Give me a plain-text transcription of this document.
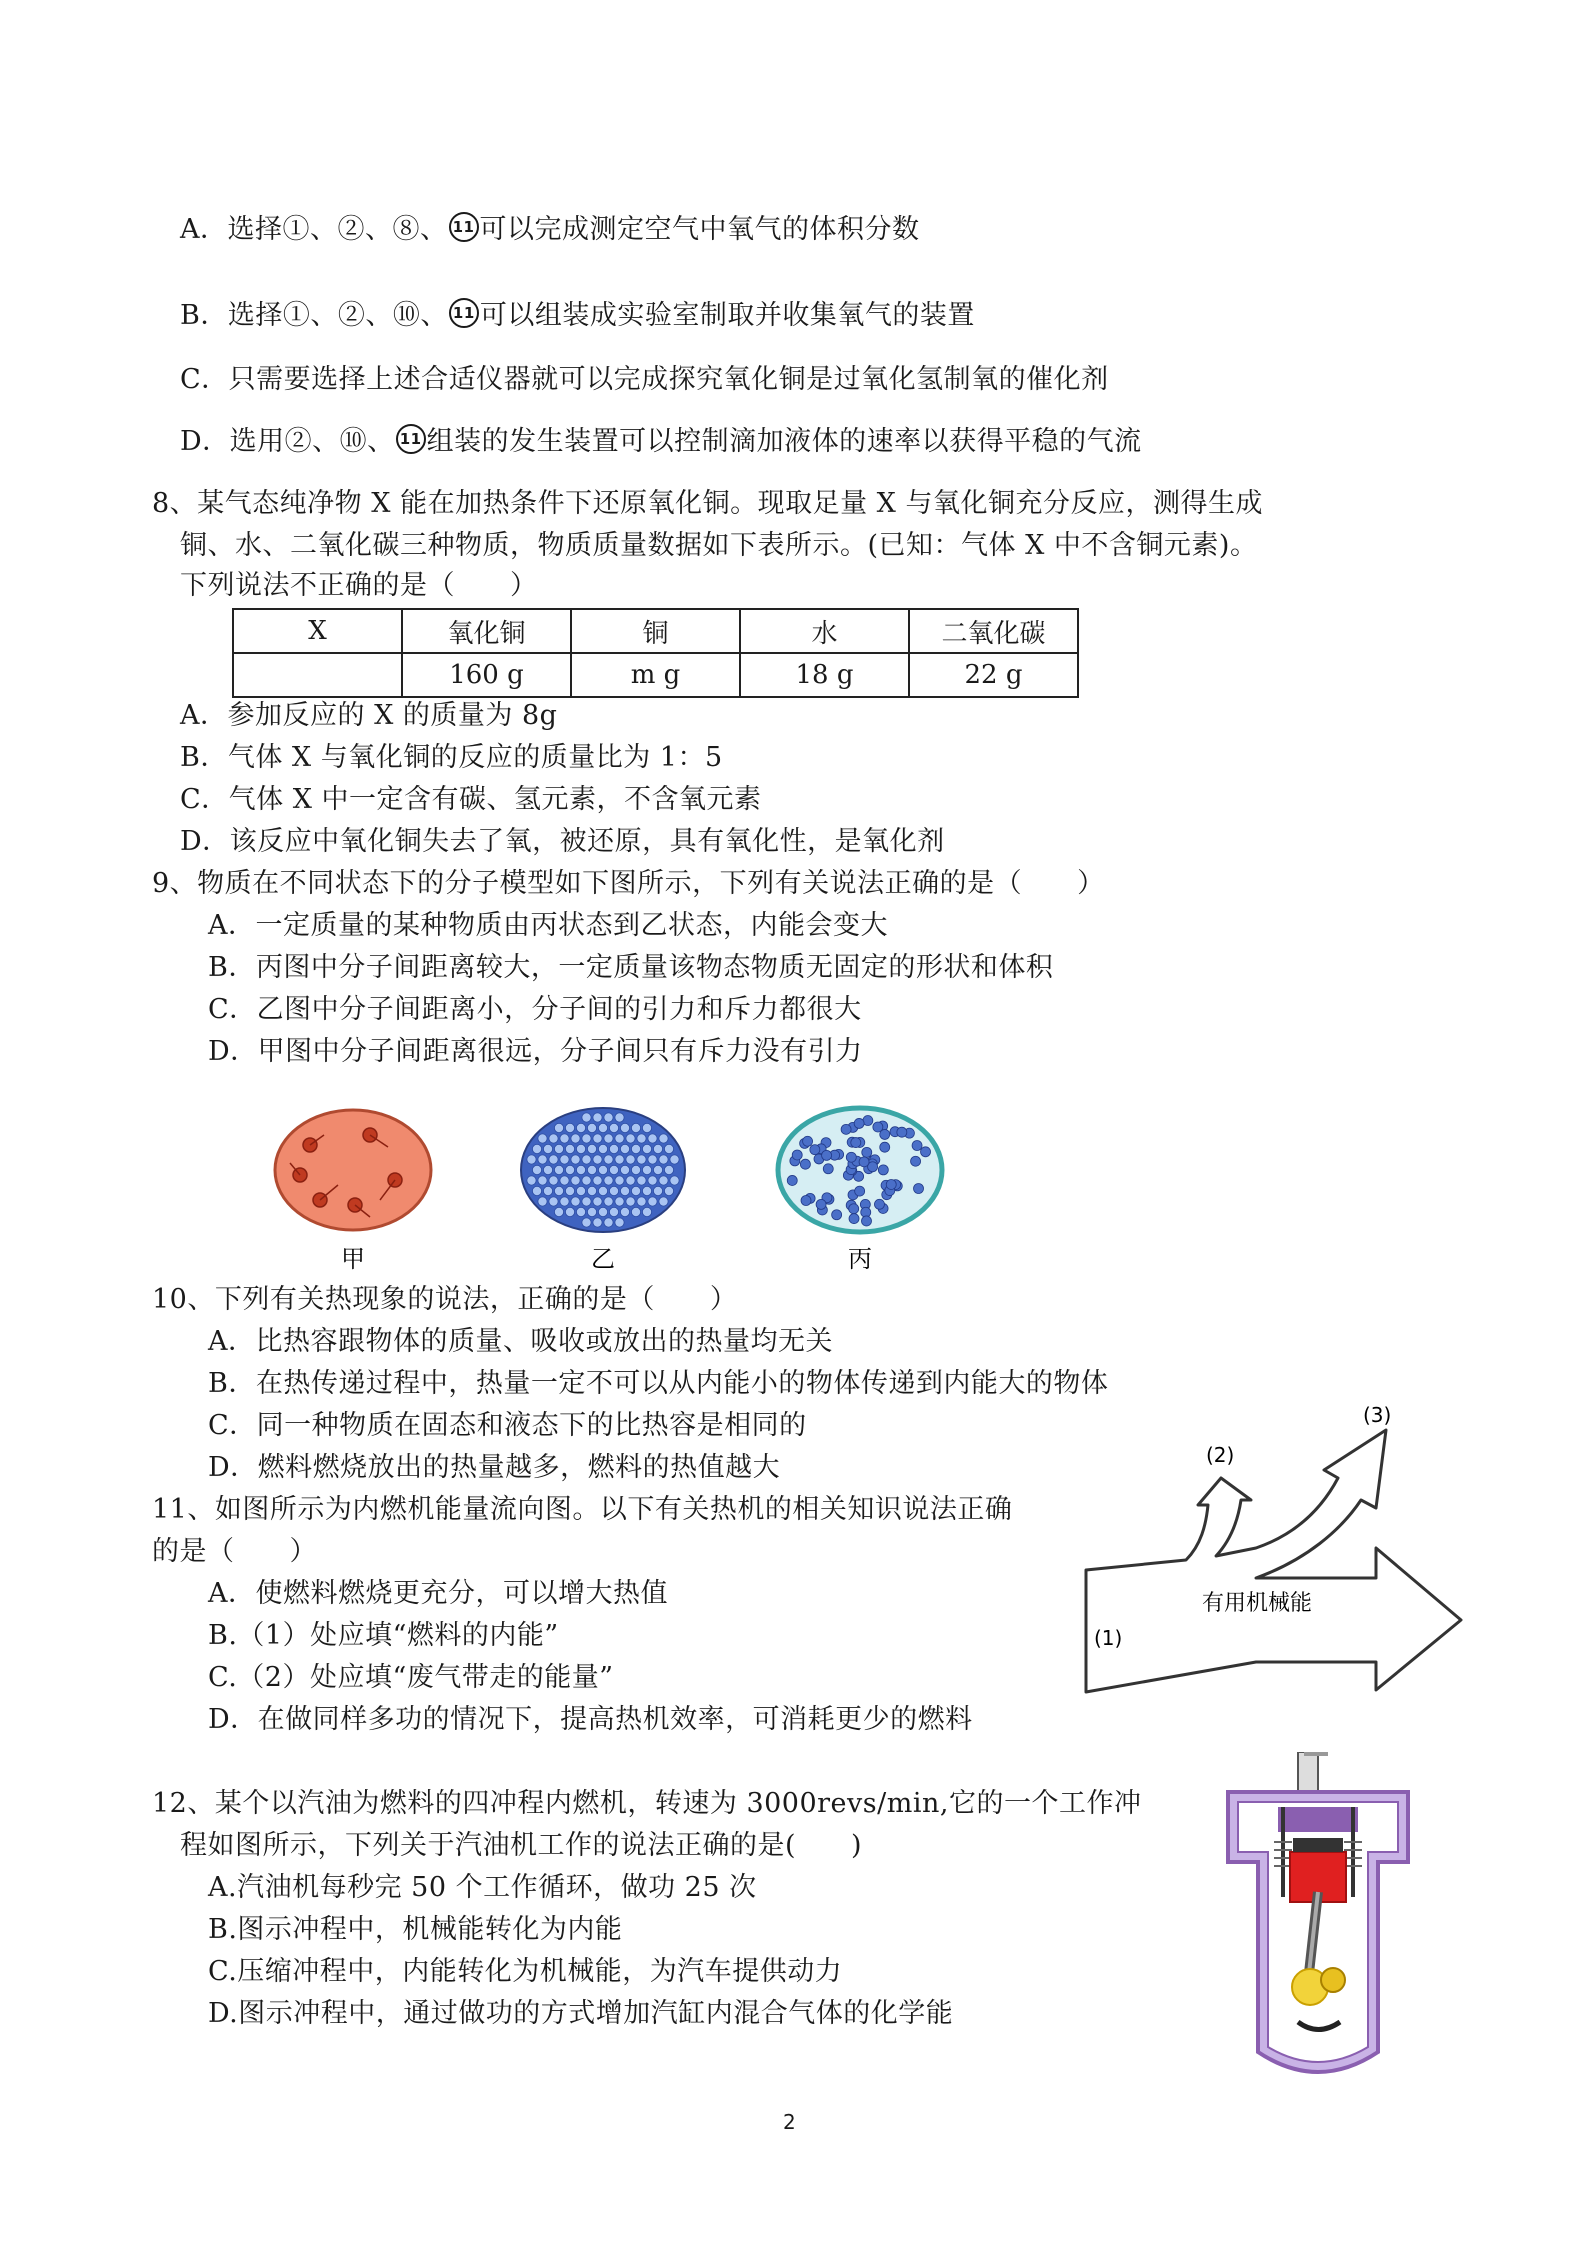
A．选择①、②、⑧、 11 可以完成测定空气中氧气的体积分数
B．选择①、②、⑩、 11 可以组装成实验室制取并收集氧气的装置
C．只需要选择上述合适仪器就可以完成探究氧化铜是过氧化氢制氧的催化剂
D．选用②、⑩、 11 组装的发生装置可以控制滴加液体的速率以获得平稳的气流
8、某气态纯净物 X 能在加热条件下还原氧化铜。现取足量 X 与氧化铜充分反应，测得生成
铜、水、二氧化碳三种物质，物质质量数据如下表所示。(已知：气体 X 中不含铜元素)。
下列说法不正确的是（　　）
X	氧化铜	铜	水	二氧化碳
	160 g	m g	18 g	22 g
A．参加反应的 X 的质量为 8g
B．气体 X 与氧化铜的反应的质量比为 1：5
C．气体 X 中一定含有碳、氢元素，不含氧元素
D．该反应中氧化铜失去了氧，被还原，具有氧化性，是氧化剂
9、物质在不同状态下的分子模型如下图所示，下列有关说法正确的是（　　）
A．一定质量的某种物质由丙状态到乙状态，内能会变大
B．丙图中分子间距离较大，一定质量该物态物质无固定的形状和体积
C．乙图中分子间距离小，分子间的引力和斥力都很大
D．甲图中分子间距离很远，分子间只有斥力没有引力
甲	乙	丙
10、下列有关热现象的说法，正确的是（　　）
A．比热容跟物体的质量、吸收或放出的热量均无关
B．在热传递过程中，热量一定不可以从内能小的物体传递到内能大的物体
C．同一种物质在固态和液态下的比热容是相同的
D．燃料燃烧放出的热量越多，燃料的热值越大
11、如图所示为内燃机能量流向图。以下有关热机的相关知识说法正确
的是（　　）
A．使燃料燃烧更充分，可以增大热值
B.（1）处应填“燃料的内能”
C.（2）处应填“废气带走的能量”
D．在做同样多功的情况下，提高热机效率，可消耗更少的燃料
(1)
(2)
(3)
有用机械能
12、某个以汽油为燃料的四冲程内燃机，转速为 3000revs/min,它的一个工作冲
程如图所示，下列关于汽油机工作的说法正确的是(　　)
A.汽油机每秒完 50 个工作循环，做功 25 次
B.图示冲程中，机械能转化为内能
C.压缩冲程中，内能转化为机械能，为汽车提供动力
D.图示冲程中，通过做功的方式增加汽缸内混合气体的化学能
2
